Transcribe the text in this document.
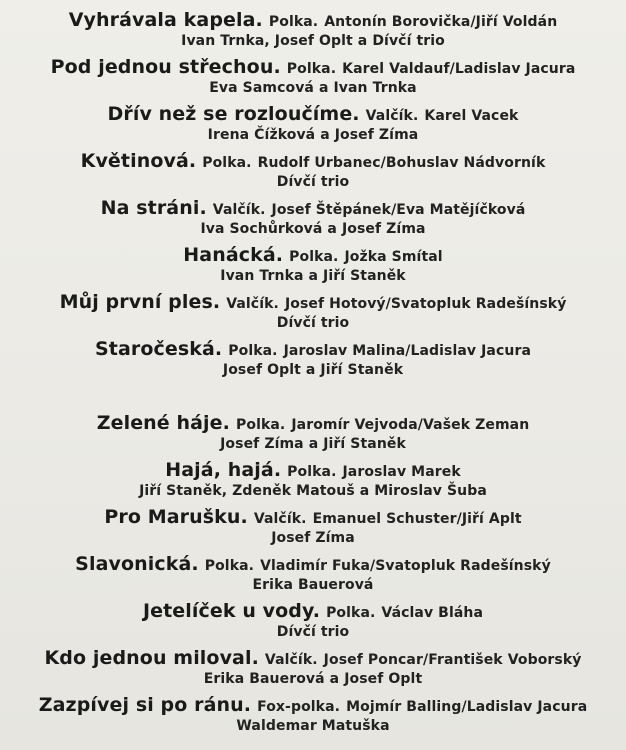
Vyhrávala kapela. Polka. Antonín Borovička/Jiří Voldán
Ivan Trnka, Josef Oplt a Dívčí trio
Pod jednou střechou. Polka. Karel Valdauf/Ladislav Jacura
Eva Samcová a Ivan Trnka
Dřív než se rozloučíme. Valčík. Karel Vacek
Irena Čížková a Josef Zíma
Květinová. Polka. Rudolf Urbanec/Bohuslav Nádvorník
Dívčí trio
Na stráni. Valčík. Josef Štěpánek/Eva Matějíčková
Iva Sochůrková a Josef Zíma
Hanácká. Polka. Jožka Smítal
Ivan Trnka a Jiří Staněk
Můj první ples. Valčík. Josef Hotový/Svatopluk Radešínský
Dívčí trio
Staročeská. Polka. Jaroslav Malina/Ladislav Jacura
Josef Oplt a Jiří Staněk
Zelené háje. Polka. Jaromír Vejvoda/Vašek Zeman
Josef Zíma a Jiří Staněk
Hajá, hajá. Polka. Jaroslav Marek
Jiří Staněk, Zdeněk Matouš a Miroslav Šuba
Pro Marušku. Valčík. Emanuel Schuster/Jiří Aplt
Josef Zíma
Slavonická. Polka. Vladimír Fuka/Svatopluk Radešínský
Erika Bauerová
Jetelíček u vody. Polka. Václav Bláha
Dívčí trio
Kdo jednou miloval. Valčík. Josef Poncar/František Voborský
Erika Bauerová a Josef Oplt
Zazpívej si po ránu. Fox-polka. Mojmír Balling/Ladislav Jacura
Waldemar Matuška
